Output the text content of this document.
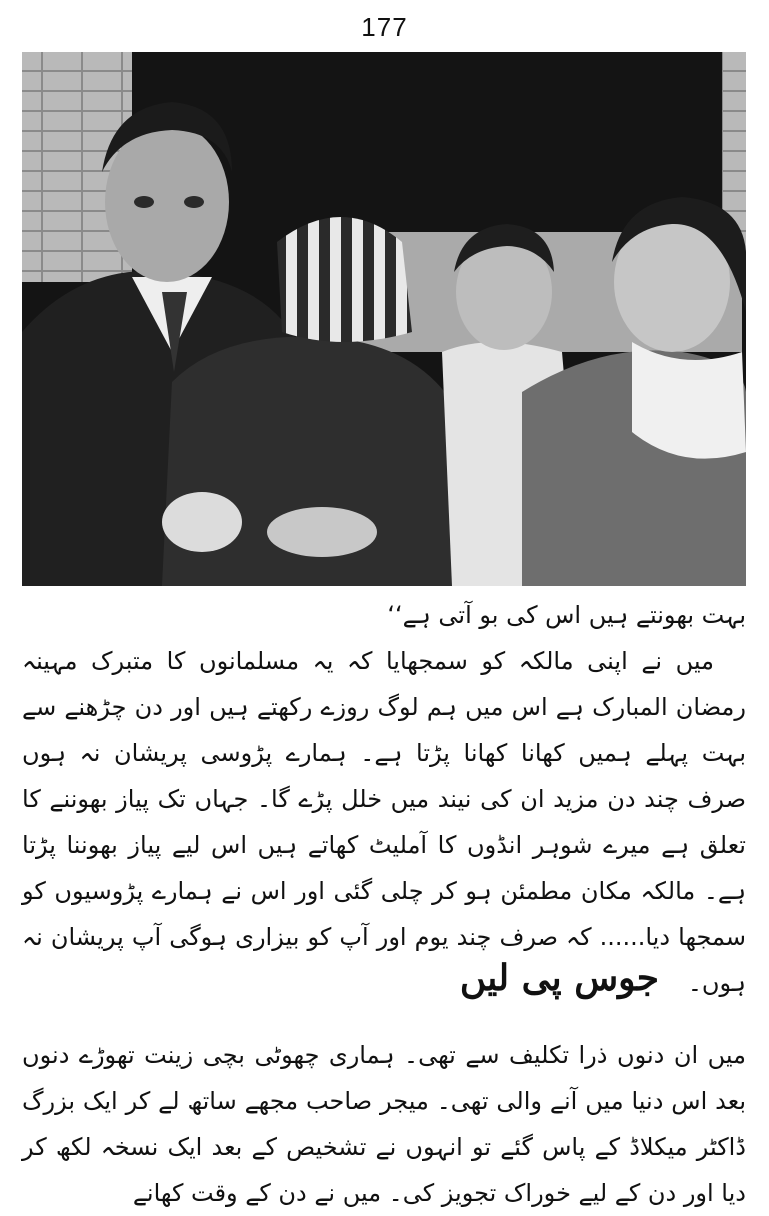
177

بہت بھونتے ہیں اس کی بو آتی ہے‘‘

میں نے اپنی مالکہ کو سمجھایا کہ یہ مسلمانوں کا متبرک مہینہ رمضان المبارک ہے اس میں ہم لوگ روزے رکھتے ہیں اور دن چڑھنے سے بہت پہلے ہمیں کھانا کھانا پڑتا ہے۔ ہمارے پڑوسی پریشان نہ ہوں صرف چند دن مزید ان کی نیند میں خلل پڑے گا۔ جہاں تک پیاز بھوننے کا تعلق ہے میرے شوہر انڈوں کا آملیٹ کھاتے ہیں اس لیے پیاز بھوننا پڑتا ہے۔ مالکہ مکان مطمئن ہو کر چلی گئی اور اس نے ہمارے پڑوسیوں کو سمجھا دیا...... کہ صرف چند یوم اور آپ کو بیزاری ہوگی آپ پریشان نہ ہوں۔

جوس پی لیں

میں ان دنوں ذرا تکلیف سے تھی۔ ہماری چھوٹی بچی زینت تھوڑے دنوں بعد اس دنیا میں آنے والی تھی۔ میجر صاحب مجھے ساتھ لے کر ایک بزرگ ڈاکٹر میکلاڈ کے پاس گئے تو انہوں نے تشخیص کے بعد ایک نسخہ لکھ کر دیا اور دن کے لیے خوراک تجویز کی۔ میں نے دن کے وقت کھانے
